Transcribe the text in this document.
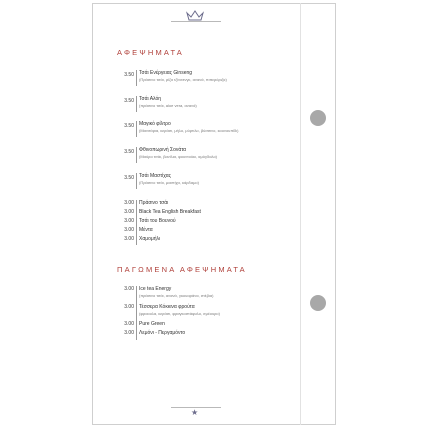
ΑΦΕΨΗΜΑΤΑ
3.50 Τσάι Ενέργειας Ginseng
(Πράσινο τσάι, ρίζα τζίνσενγκ, ανανά, πιπερόριζα)
3.50 Τσάι Αλόη
(πράσινο τσάι, aloe vera, ανανά)
3.50 Μαγικό φίλτρο
(Μανιτάρια, κεράσι, μήλο, μύρτιλο, βύσσινο, κουνουπίδι)
3.50 Φθινοπωρινή Σονάτα
(Μαύρο τσάι, βανίλια, φουντούκι, αμύγδαλο)
3.50 Τσάι Μαστίχας
(Πράσινο τσάι, μαστίχα, κάρδαμο)
3.00 Πράσινο τσάι
3.00 Black Tea English Breakfast
3.00 Τσάι του Βουνού
3.00 Μέντα
3.00 Χαμομήλι
ΠΑΓΩΜΕΝΑ ΑΦΕΨΗΜΑΤΑ
3.00 Ice tea Energy
(πράσινο τσάι, ανανά, γκουαράνα, στέβια)
3.00 Τέσσερα Κόκκινα φρούτα
(φραουλα, κεράσι, φραγκοστάφυλο, σμέουρο)
3.00 Pure Green
3.00 Λεμόνι - Περγαμόντο
★
